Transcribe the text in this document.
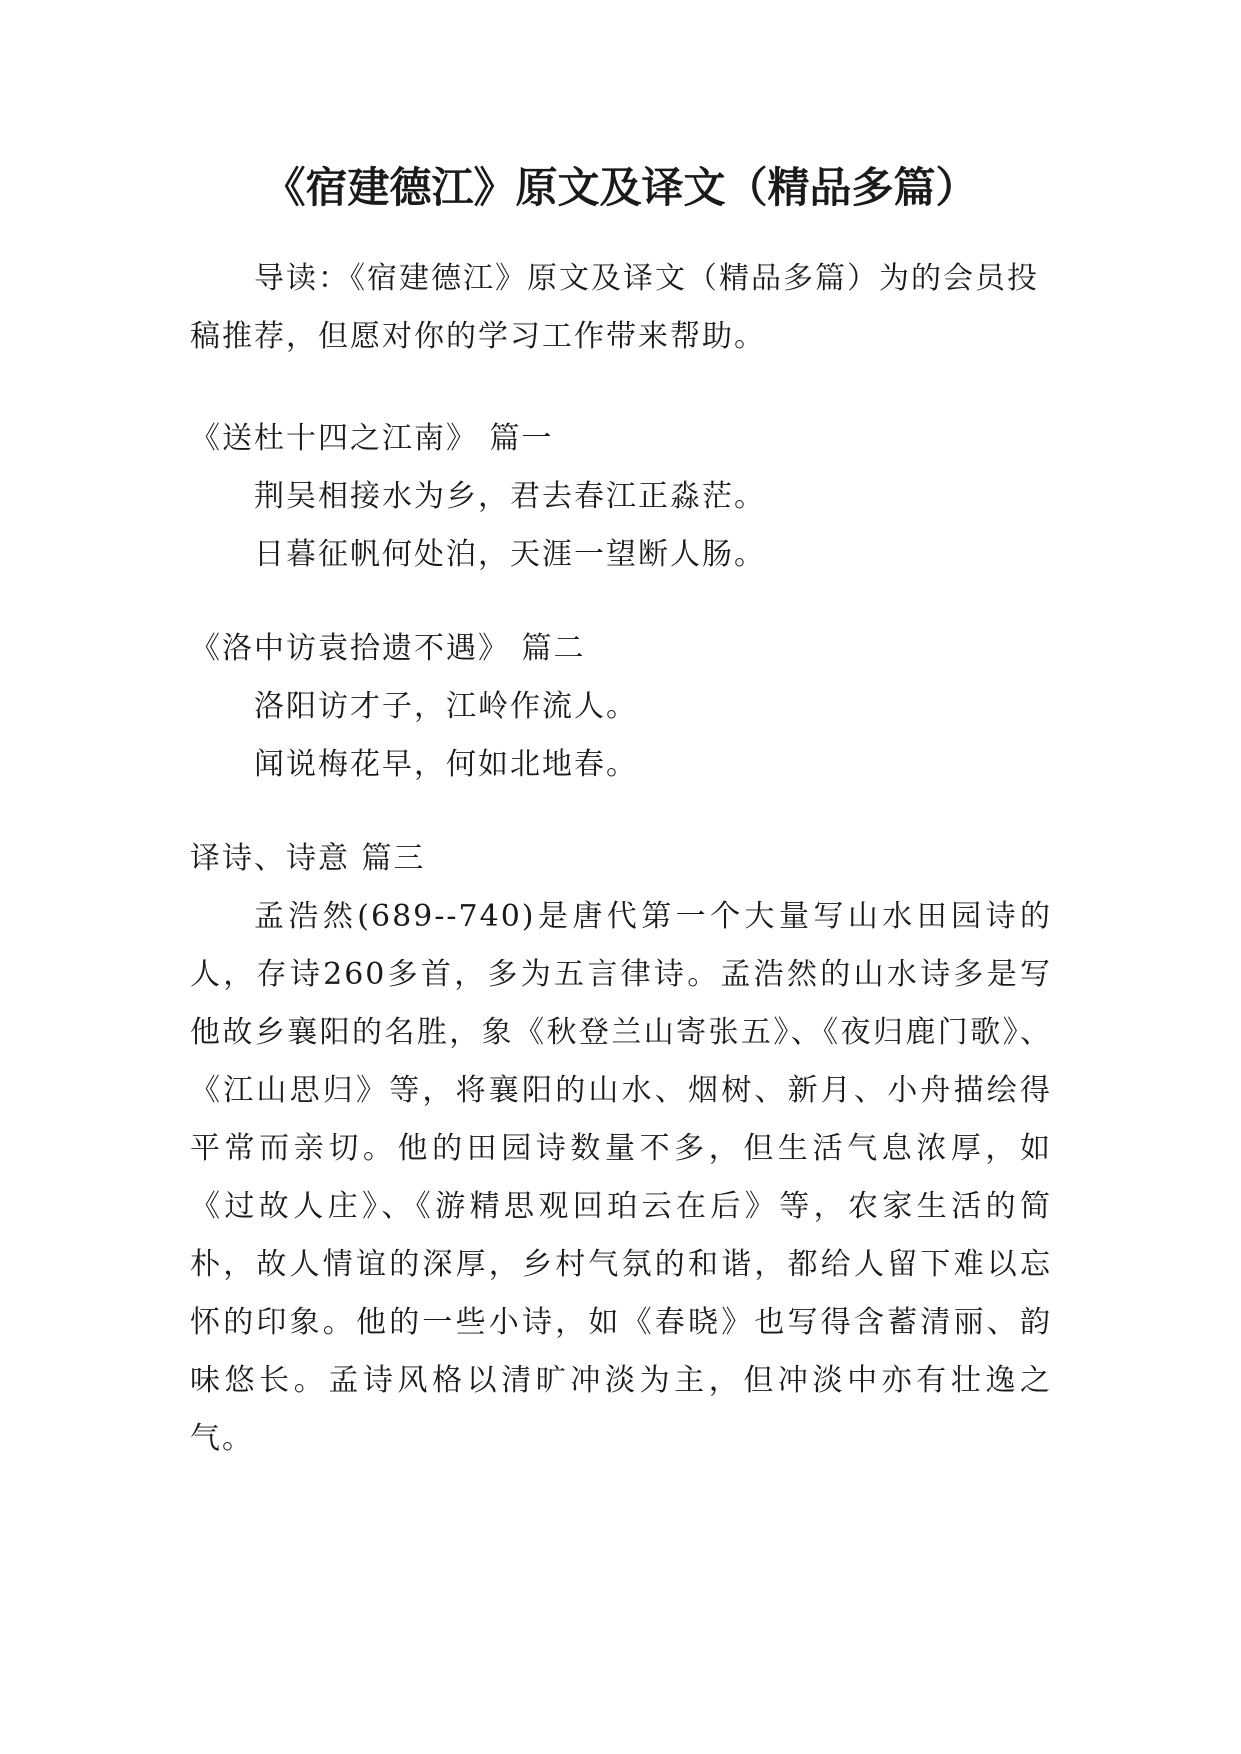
《宿建德江》原文及译文（精品多篇）

导读：《宿建德江》原文及译文（精品多篇）为的会员投稿推荐，但愿对你的学习工作带来帮助。

《送杜十四之江南》 篇一

荆吴相接水为乡，君去春江正淼茫。

日暮征帆何处泊，天涯一望断人肠。

《洛中访袁拾遗不遇》 篇二

洛阳访才子，江岭作流人。

闻说梅花早，何如北地春。

译诗、诗意 篇三

孟浩然(689--740)是唐代第一个大量写山水田园诗的人，存诗260多首，多为五言律诗。孟浩然的山水诗多是写他故乡襄阳的名胜，象《秋登兰山寄张五》、《夜归鹿门歌》、《江山思归》等，将襄阳的山水、烟树、新月、小舟描绘得平常而亲切。他的田园诗数量不多，但生活气息浓厚，如《过故人庄》、《游精思观回珀云在后》等，农家生活的简朴，故人情谊的深厚，乡村气氛的和谐，都给人留下难以忘怀的印象。他的一些小诗，如《春晓》也写得含蓄清丽、韵味悠长。孟诗风格以清旷冲淡为主，但冲淡中亦有壮逸之气。
